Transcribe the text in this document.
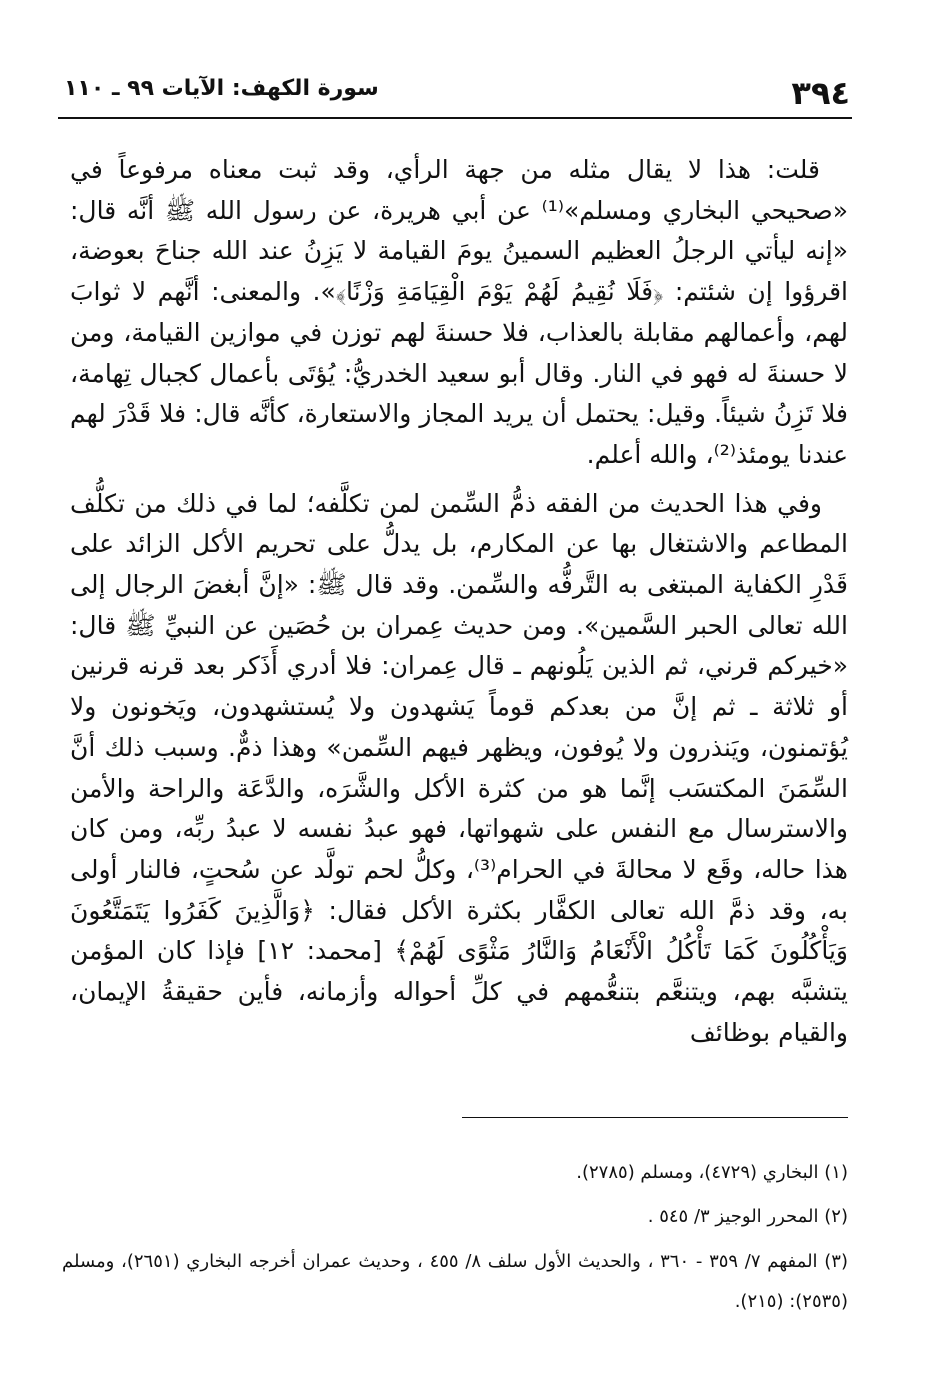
٣٩٤
سورة الكهف: الآيات ٩٩ ـ ١١٠

قلت: هذا لا يقال مثله من جهة الرأي، وقد ثبت معناه مرفوعاً في «صحيحي البخاري ومسلم»⁽¹⁾ عن أبي هريرة، عن رسول الله ﷺ أنَّه قال: «إنه ليأتي الرجلُ العظيم السمينُ يومَ القيامة لا يَزِنُ عند الله جناحَ بعوضة، اقرؤوا إن شئتم: ﴿فَلَا نُقِيمُ لَهُمْ يَوْمَ الْقِيَامَةِ وَزْنًا﴾». والمعنى: أنَّهم لا ثوابَ لهم، وأعمالهم مقابلة بالعذاب، فلا حسنةَ لهم توزن في موازين القيامة، ومن لا حسنةَ له فهو في النار. وقال أبو سعيد الخدريُّ: يُؤتَى بأعمال كجبال تِهامة، فلا تَزِنُ شيئاً. وقيل: يحتمل أن يريد المجاز والاستعارة، كأنَّه قال: فلا قَدْرَ لهم عندنا يومئذ⁽²⁾، والله أعلم.

وفي هذا الحديث من الفقه ذمُّ السِّمن لمن تكلَّفه؛ لما في ذلك من تكلُّف المطاعم والاشتغال بها عن المكارم، بل يدلُّ على تحريم الأكل الزائد على قَدْرِ الكفاية المبتغى به التَّرفُّه والسِّمن. وقد قال ﷺ: «إنَّ أبغضَ الرجال إلى الله تعالى الحبر السَّمين». ومن حديث عِمران بن حُصَين عن النبيِّ ﷺ قال: «خيركم قرني، ثم الذين يَلُونهم ـ قال عِمران: فلا أدري أَذَكر بعد قرنه قرنين أو ثلاثة ـ ثم إنَّ من بعدكم قوماً يَشهدون ولا يُستشهدون، ويَخونون ولا يُؤتمنون، ويَنذرون ولا يُوفون، ويظهر فيهم السِّمن» وهذا ذمٌّ. وسبب ذلك أنَّ السِّمَنَ المكتسَب إنَّما هو من كثرة الأكل والشَّرَه، والدَّعَة والراحة والأمن والاسترسال مع النفس على شهواتها، فهو عبدُ نفسه لا عبدُ ربِّه، ومن كان هذا حاله، وقَع لا محالةَ في الحرام⁽³⁾، وكلُّ لحم تولَّد عن سُحتٍ، فالنار أولى به، وقد ذمَّ الله تعالى الكفَّار بكثرة الأكل فقال: ﴿وَالَّذِينَ كَفَرُوا يَتَمَتَّعُونَ وَيَأْكُلُونَ كَمَا تَأْكُلُ الْأَنْعَامُ وَالنَّارُ مَثْوًى لَهُمْ﴾ [محمد: ١٢] فإذا كان المؤمن يتشبَّه بهم، ويتنعَّم بتنعُّمهم في كلِّ أحواله وأزمانه، فأين حقيقةُ الإيمان، والقيام بوظائف

(١) البخاري (٤٧٢٩)، ومسلم (٢٧٨٥).

(٢) المحرر الوجيز ٣/ ٥٤٥ .

(٣) المفهم ٧/ ٣٥٩ - ٣٦٠ ، والحديث الأول سلف ٨/ ٤٥٥ ، وحديث عمران أخرجه البخاري (٢٦٥١)، ومسلم (٢٥٣٥): (٢١٥).
